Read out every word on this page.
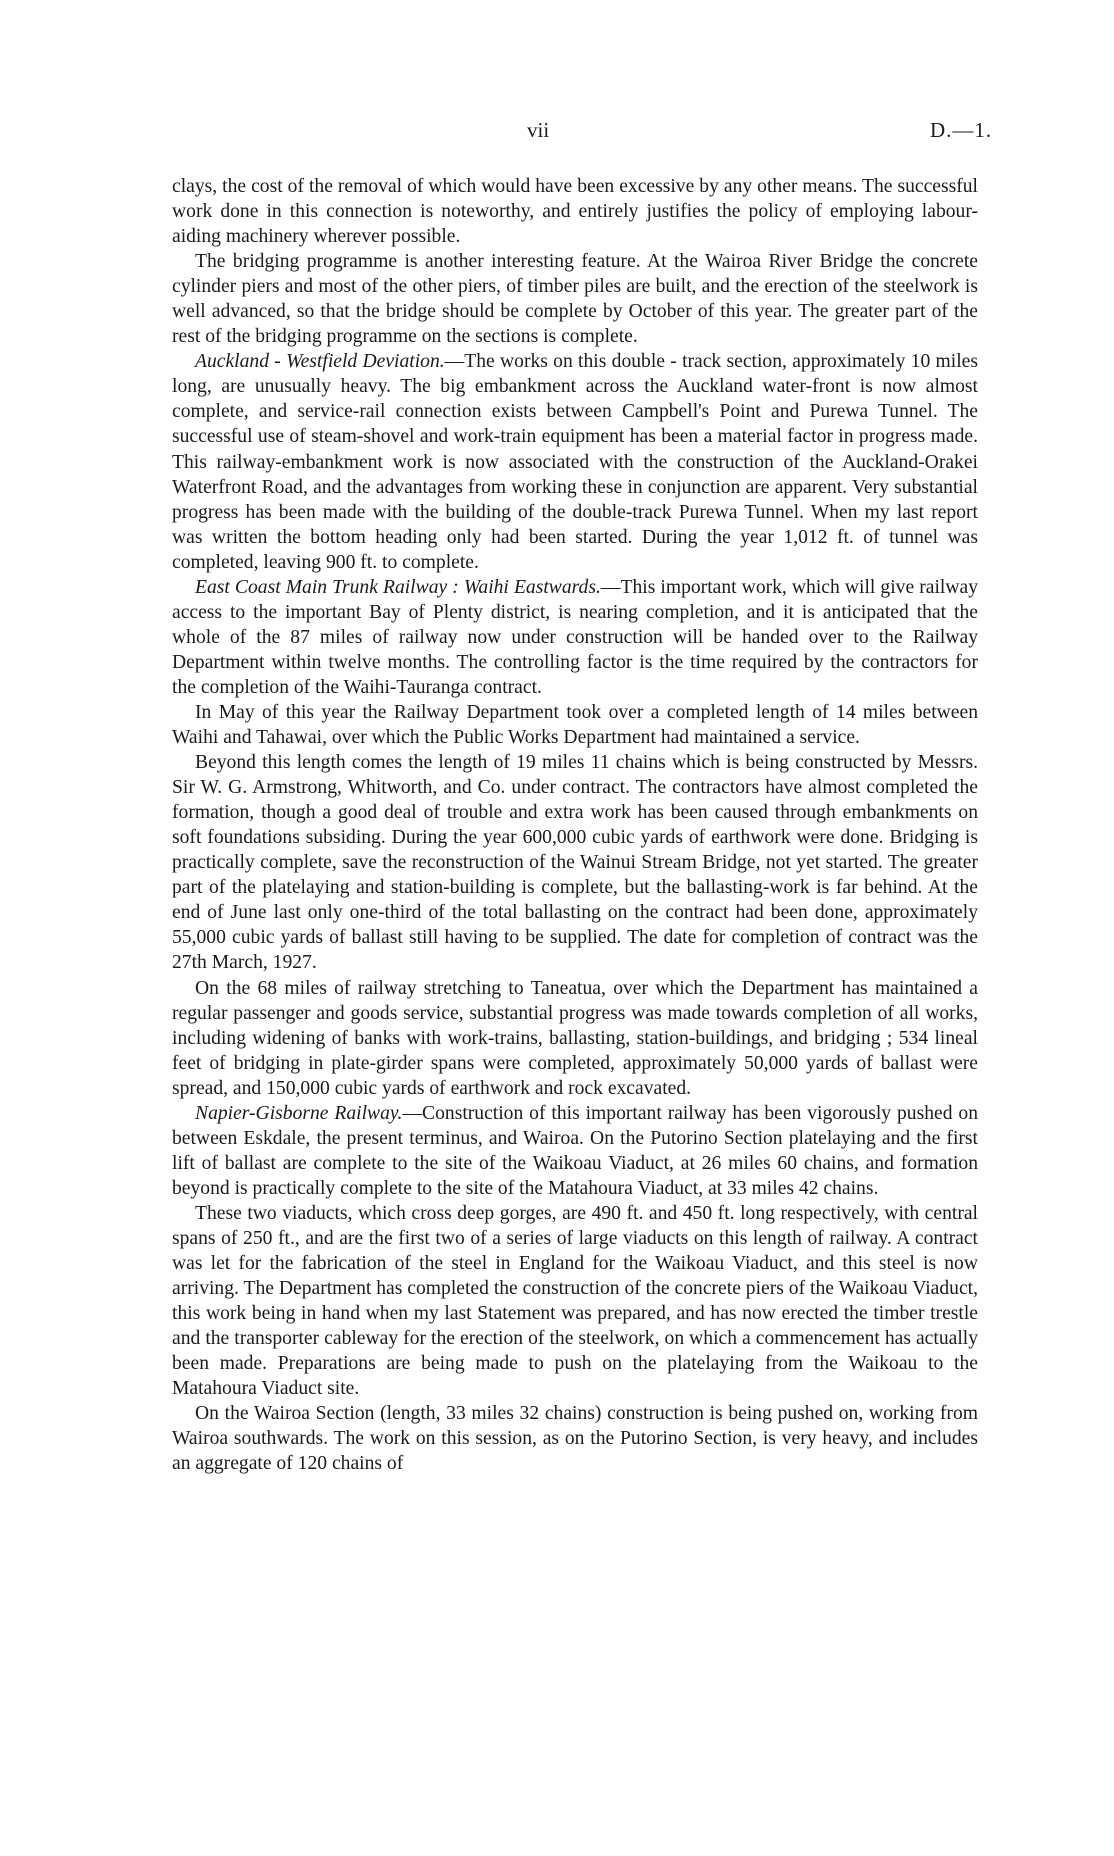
vii	D.—1.

clays, the cost of the removal of which would have been excessive by any other means. The successful work done in this connection is noteworthy, and entirely justifies the policy of employing labour-aiding machinery wherever possible.

The bridging programme is another interesting feature. At the Wairoa River Bridge the concrete cylinder piers and most of the other piers, of timber piles are built, and the erection of the steelwork is well advanced, so that the bridge should be complete by October of this year. The greater part of the rest of the bridging programme on the sections is complete.

Auckland - Westfield Deviation.—The works on this double - track section, approximately 10 miles long, are unusually heavy. The big embankment across the Auckland water-front is now almost complete, and service-rail connection exists between Campbell's Point and Purewa Tunnel. The successful use of steam-shovel and work-train equipment has been a material factor in progress made. This railway-embankment work is now associated with the construction of the Auckland-Orakei Waterfront Road, and the advantages from working these in conjunction are apparent. Very substantial progress has been made with the building of the double-track Purewa Tunnel. When my last report was written the bottom heading only had been started. During the year 1,012 ft. of tunnel was completed, leaving 900 ft. to complete.

East Coast Main Trunk Railway : Waihi Eastwards.—This important work, which will give railway access to the important Bay of Plenty district, is nearing completion, and it is anticipated that the whole of the 87 miles of railway now under construction will be handed over to the Railway Department within twelve months. The controlling factor is the time required by the contractors for the completion of the Waihi-Tauranga contract.

In May of this year the Railway Department took over a completed length of 14 miles between Waihi and Tahawai, over which the Public Works Department had maintained a service.

Beyond this length comes the length of 19 miles 11 chains which is being constructed by Messrs. Sir W. G. Armstrong, Whitworth, and Co. under contract. The contractors have almost completed the formation, though a good deal of trouble and extra work has been caused through embankments on soft foundations subsiding. During the year 600,000 cubic yards of earthwork were done. Bridging is practically complete, save the reconstruction of the Wainui Stream Bridge, not yet started. The greater part of the platelaying and station-building is complete, but the ballasting-work is far behind. At the end of June last only one-third of the total ballasting on the contract had been done, approximately 55,000 cubic yards of ballast still having to be supplied. The date for completion of contract was the 27th March, 1927.

On the 68 miles of railway stretching to Taneatua, over which the Department has maintained a regular passenger and goods service, substantial progress was made towards completion of all works, including widening of banks with work-trains, ballasting, station-buildings, and bridging ; 534 lineal feet of bridging in plate-girder spans were completed, approximately 50,000 yards of ballast were spread, and 150,000 cubic yards of earthwork and rock excavated.

Napier-Gisborne Railway.—Construction of this important railway has been vigorously pushed on between Eskdale, the present terminus, and Wairoa. On the Putorino Section platelaying and the first lift of ballast are complete to the site of the Waikoau Viaduct, at 26 miles 60 chains, and formation beyond is practically complete to the site of the Matahoura Viaduct, at 33 miles 42 chains.

These two viaducts, which cross deep gorges, are 490 ft. and 450 ft. long respectively, with central spans of 250 ft., and are the first two of a series of large viaducts on this length of railway. A contract was let for the fabrication of the steel in England for the Waikoau Viaduct, and this steel is now arriving. The Department has completed the construction of the concrete piers of the Waikoau Viaduct, this work being in hand when my last Statement was prepared, and has now erected the timber trestle and the transporter cableway for the erection of the steelwork, on which a commencement has actually been made. Preparations are being made to push on the platelaying from the Waikoau to the Matahoura Viaduct site.

On the Wairoa Section (length, 33 miles 32 chains) construction is being pushed on, working from Wairoa southwards. The work on this session, as on the Putorino Section, is very heavy, and includes an aggregate of 120 chains of
